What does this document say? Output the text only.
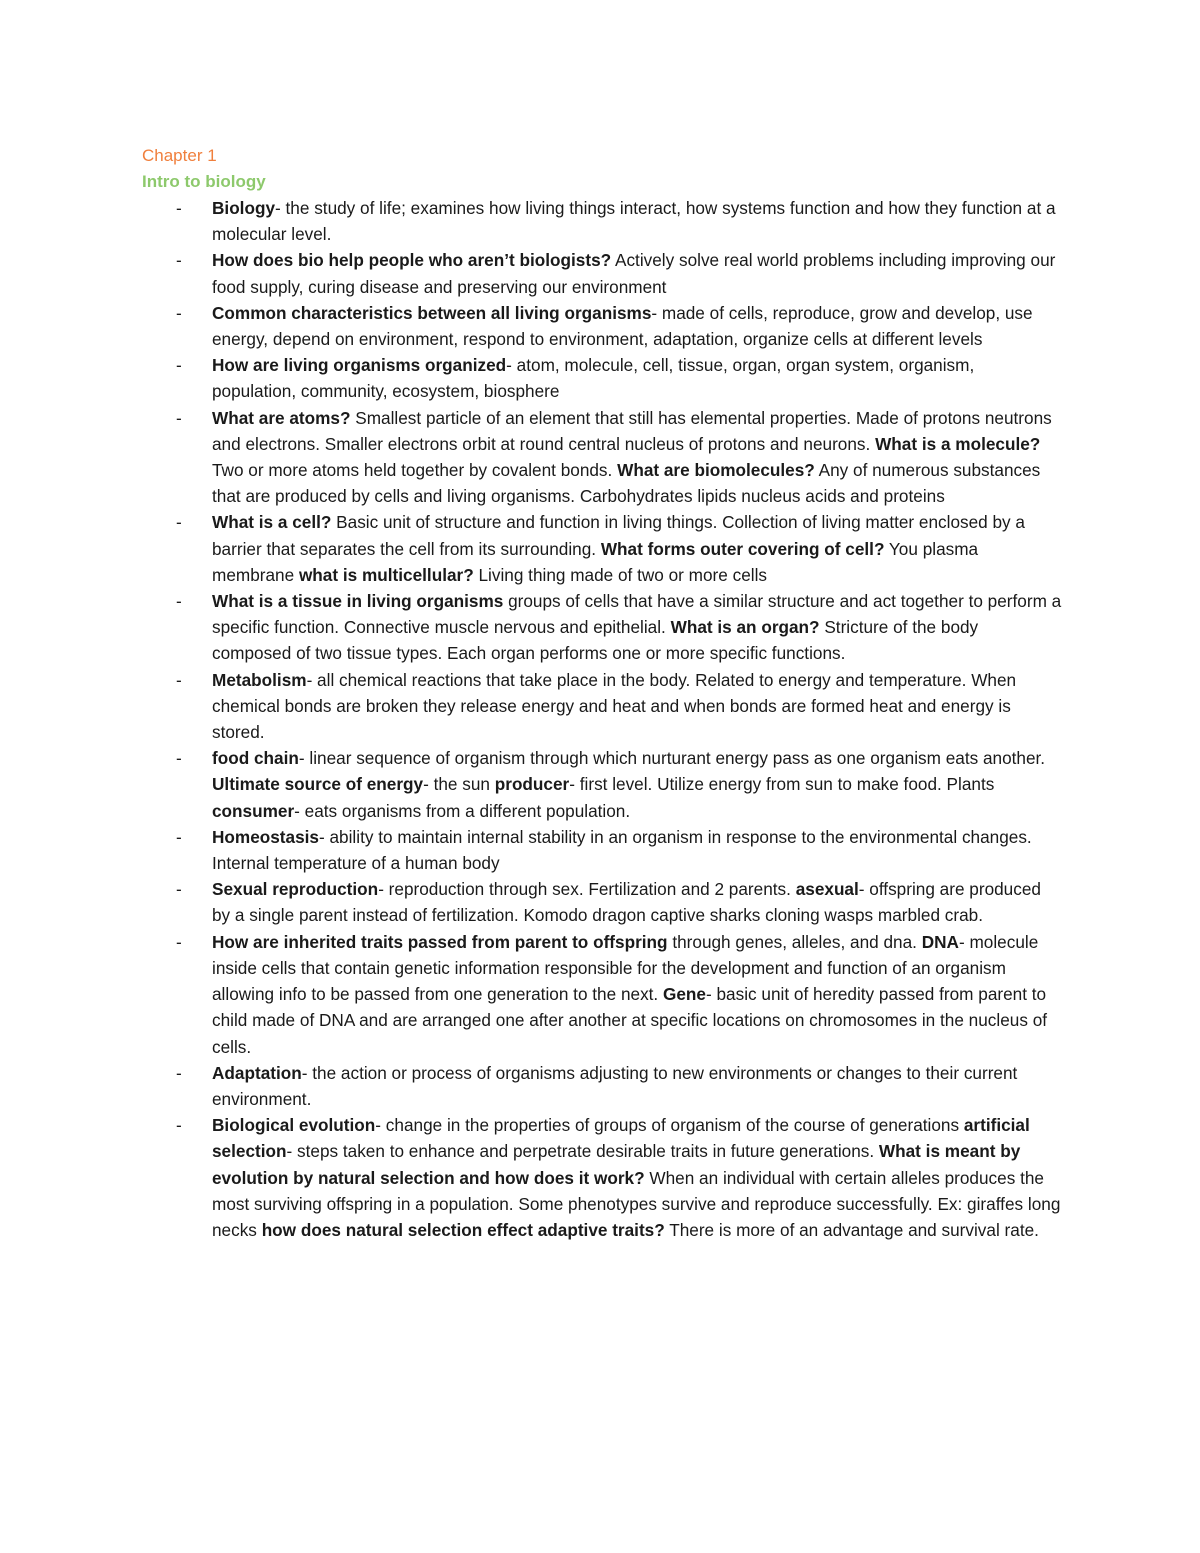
Chapter 1

Intro to biology

- Biology- the study of life; examines how living things interact, how systems function and how they function at a molecular level.
- How does bio help people who aren’t biologists? Actively solve real world problems including improving our food supply, curing disease and preserving our environment
- Common characteristics between all living organisms- made of cells, reproduce, grow and develop, use energy, depend on environment, respond to environment, adaptation, organize cells at different levels
- How are living organisms organized- atom, molecule, cell, tissue, organ, organ system, organism, population, community, ecosystem, biosphere
- What are atoms? Smallest particle of an element that still has elemental properties. Made of protons neutrons and electrons. Smaller electrons orbit at round central nucleus of protons and neurons. What is a molecule? Two or more atoms held together by covalent bonds. What are biomolecules? Any of numerous substances that are produced by cells and living organisms. Carbohydrates lipids nucleus acids and proteins
- What is a cell? Basic unit of structure and function in living things. Collection of living matter enclosed by a barrier that separates the cell from its surrounding. What forms outer covering of cell? You plasma membrane what is multicellular? Living thing made of two or more cells
- What is a tissue in living organisms groups of cells that have a similar structure and act together to perform a specific function. Connective muscle nervous and epithelial. What is an organ? Stricture of the body composed of two tissue types. Each organ performs one or more specific functions.
- Metabolism- all chemical reactions that take place in the body. Related to energy and temperature. When chemical bonds are broken they release energy and heat and when bonds are formed heat and energy is stored.
- food chain- linear sequence of organism through which nurturant energy pass as one organism eats another. Ultimate source of energy- the sun producer- first level. Utilize energy from sun to make food. Plants consumer- eats organisms from a different population.
- Homeostasis- ability to maintain internal stability in an organism in response to the environmental changes. Internal temperature of a human body
- Sexual reproduction- reproduction through sex. Fertilization and 2 parents. asexual- offspring are produced by a single parent instead of fertilization. Komodo dragon captive sharks cloning wasps marbled crab.
- How are inherited traits passed from parent to offspring through genes, alleles, and dna. DNA- molecule inside cells that contain genetic information responsible for the development and function of an organism allowing info to be passed from one generation to the next. Gene- basic unit of heredity passed from parent to child made of DNA and are arranged one after another at specific locations on chromosomes in the nucleus of cells.
- Adaptation- the action or process of organisms adjusting to new environments or changes to their current environment.
- Biological evolution- change in the properties of groups of organism of the course of generations artificial selection- steps taken to enhance and perpetrate desirable traits in future generations. What is meant by evolution by natural selection and how does it work? When an individual with certain alleles produces the most surviving offspring in a population. Some phenotypes survive and reproduce successfully. Ex: giraffes long necks how does natural selection effect adaptive traits? There is more of an advantage and survival rate.
